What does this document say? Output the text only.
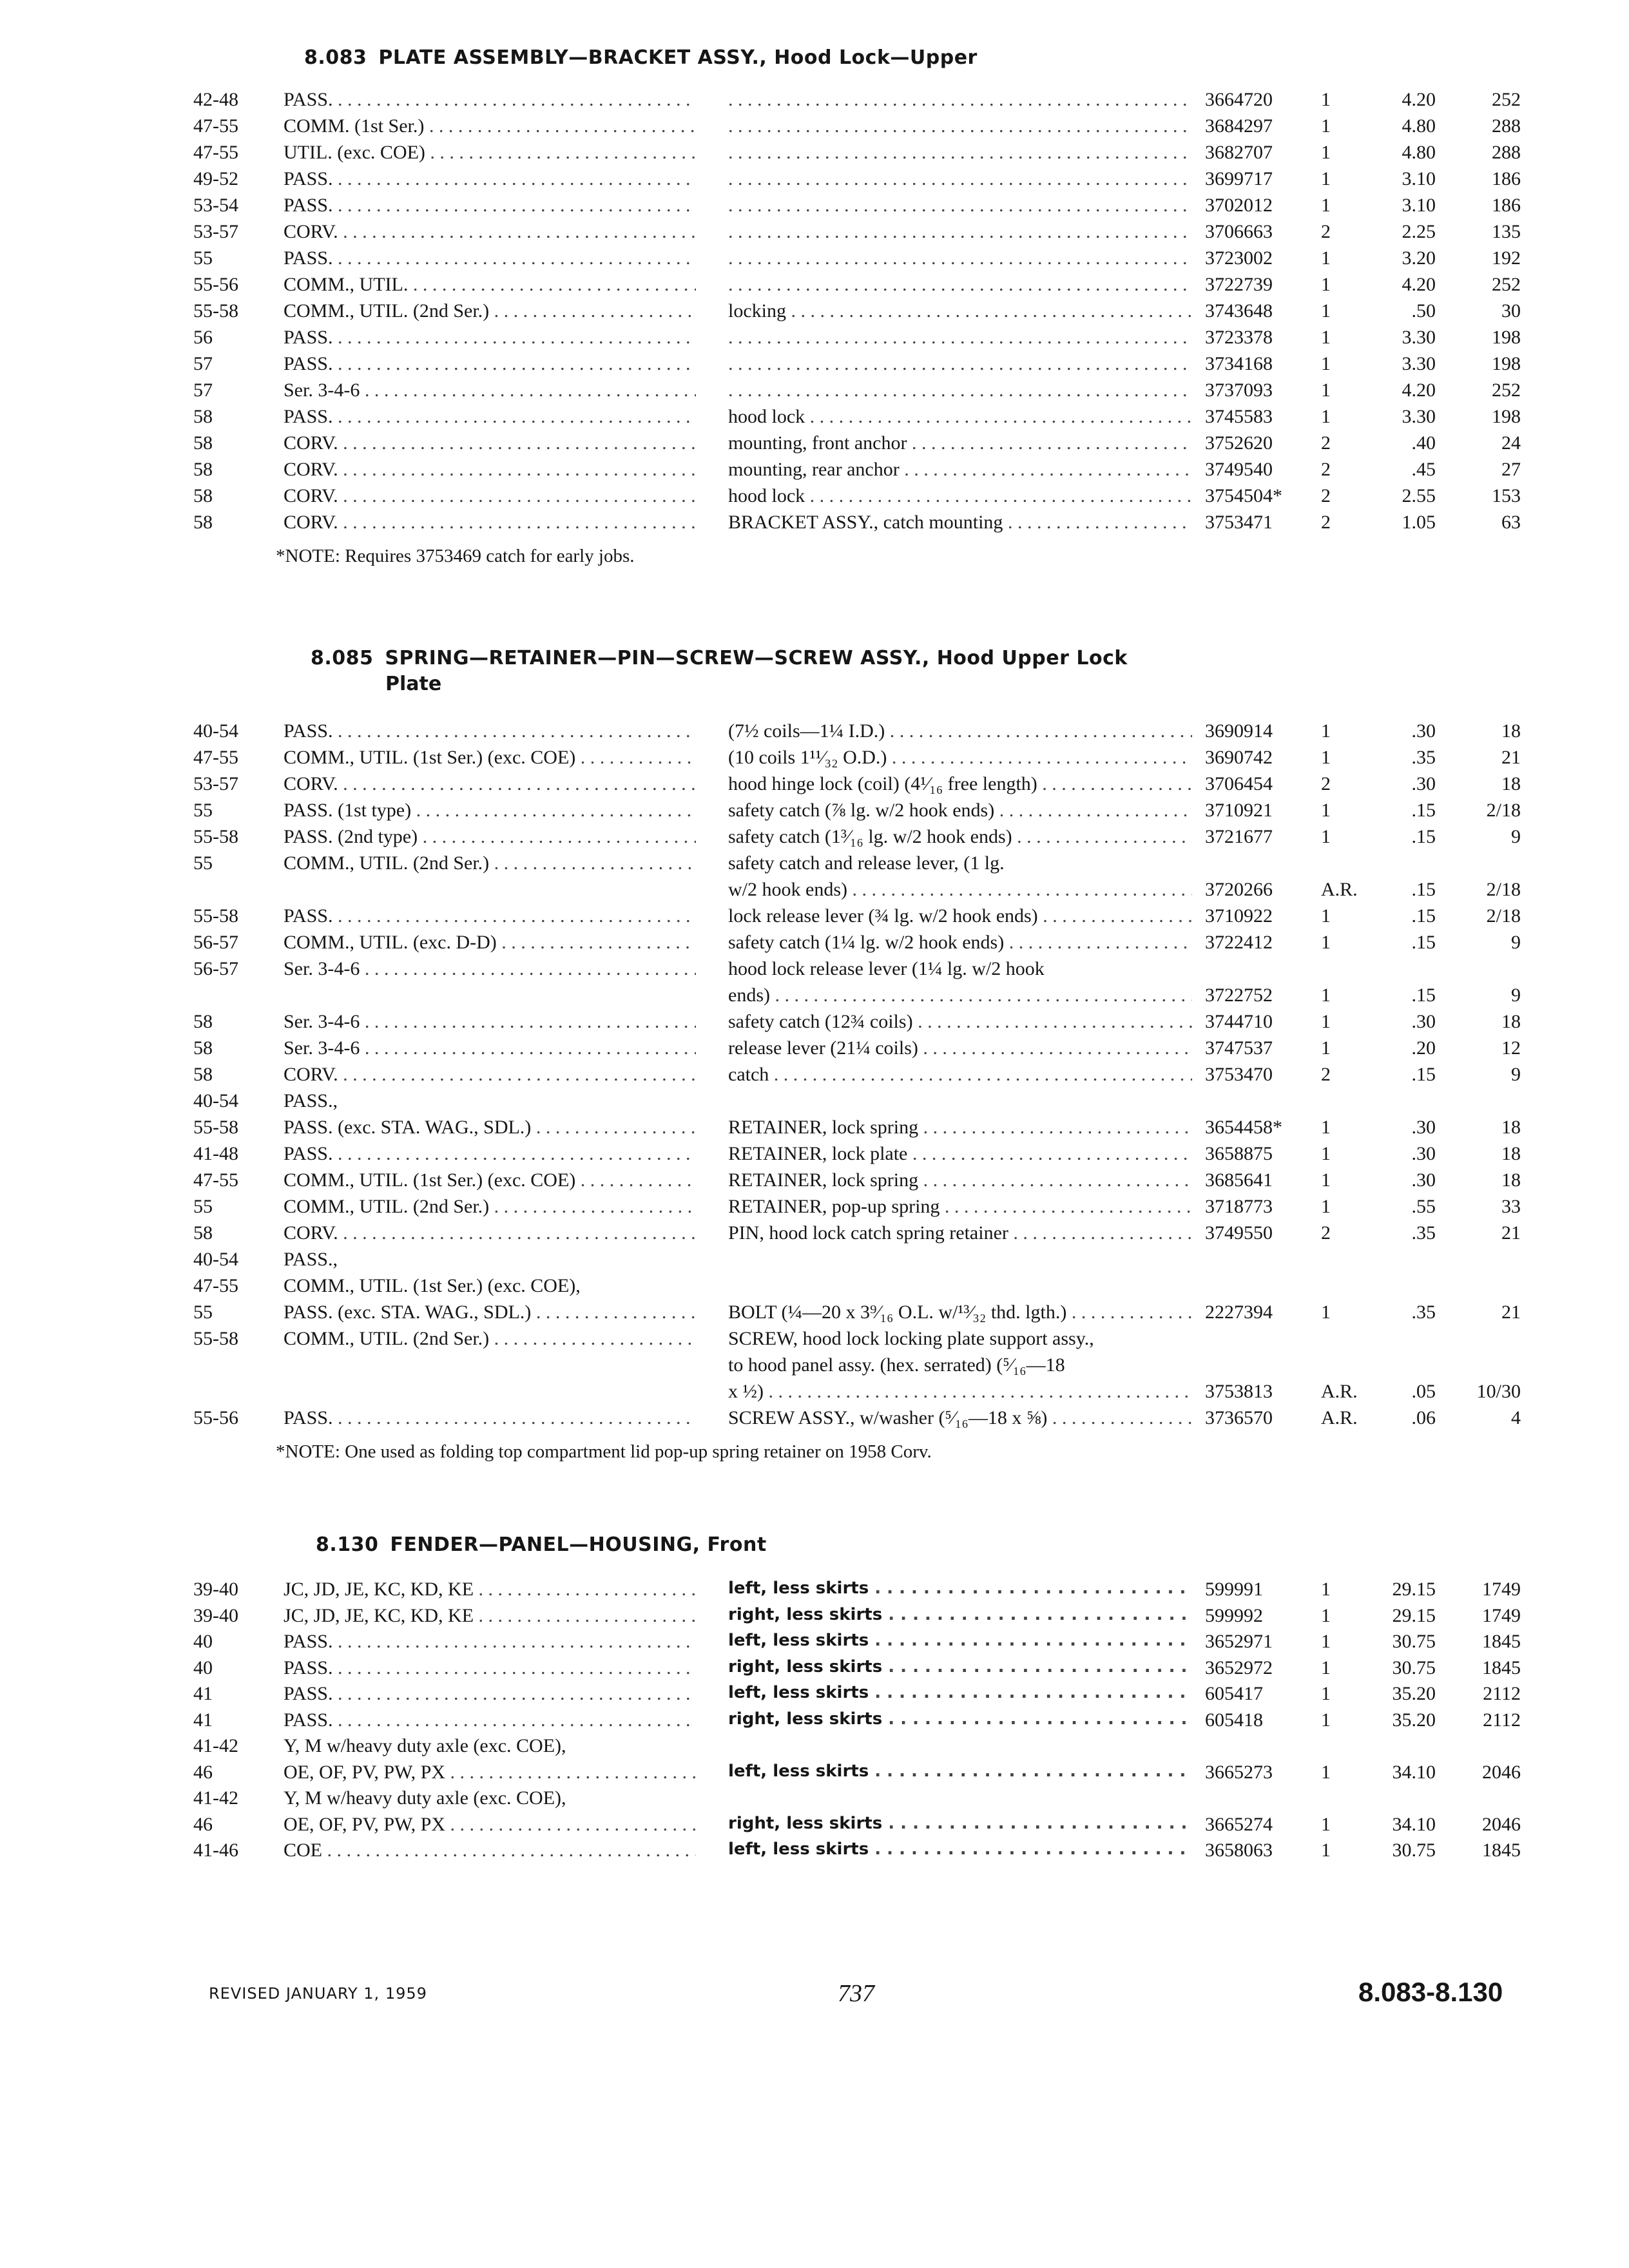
8.083 PLATE ASSEMBLY—BRACKET ASSY., Hood Lock—Upper
42-48	PASS. . . . . . .	3664720	1	4.20	252
47-55	COMM. (1st Ser.) . . . . . .	3684297	1	4.80	288
47-55	UTIL. (exc. COE) . . . . . .	3682707	1	4.80	288
49-52	PASS. . . . . . .	3699717	1	3.10	186
53-54	PASS. . . . . . .	3702012	1	3.10	186
53-57	CORV. . . . . . .	3706663	2	2.25	135
55	PASS. . . . . . .	3723002	1	3.20	192
55-56	COMM., UTIL. . . . . . .	3722739	1	4.20	252
55-58	COMM., UTIL. (2nd Ser.) . . .	locking . . .	3743648	1	.50	30
56	PASS. . . . . . .	3723378	1	3.30	198
57	PASS. . . . . . .	3734168	1	3.30	198
57	Ser. 3-4-6 . . . . . .	3737093	1	4.20	252
58	PASS. . . .	hood lock . . .	3745583	1	3.30	198
58	CORV. . . .	mounting, front anchor . . .	3752620	2	.40	24
58	CORV. . . .	mounting, rear anchor . . .	3749540	2	.45	27
58	CORV. . . .	hood lock . . .	3754504* 2	2.55	153
58	CORV. . . .	BRACKET ASSY., catch mounting . . .	3753471	2	1.05	63
*NOTE: Requires 3753469 catch for early jobs.
8.085 SPRING—RETAINER—PIN—SCREW—SCREW ASSY., Hood Upper Lock
Plate
40-54	PASS. . . .	(7½ coils—1¼ I.D.) . . .	3690914	1	.30	18
47-55	COMM., UTIL. (1st Ser.) (exc. COE) . . .	(10 coils 1¹¹⁄₃₂ O.D.) . . .	3690742	1	.35	21
53-57	CORV. . . .	hood hinge lock (coil) (4¹⁄₁₆ free length) . . .	3706454	2	.30	18
55	PASS. (1st type) . . .	safety catch (⅞ lg. w/2 hook ends) . . .	3710921	1	.15	2/18
55-58	PASS. (2nd type) . . .	safety catch (1³⁄₁₆ lg. w/2 hook ends) . . .	3721677	1	.15	9
55	COMM., UTIL. (2nd Ser.) . . .	safety catch and release lever, (1 lg.
w/2 hook ends) . . .	3720266	A.R.	.15	2/18
55-58	PASS. . . .	lock release lever (¾ lg. w/2 hook ends) . . .	3710922	1	.15	2/18
56-57	COMM., UTIL. (exc. D-D) . . .	safety catch (1¼ lg. w/2 hook ends) . . .	3722412	1	.15	9
56-57	Ser. 3-4-6 . . .	hood lock release lever (1¼ lg. w/2 hook
ends) . . .	3722752	1	.15	9
58	Ser. 3-4-6 . . .	safety catch (12¾ coils) . . .	3744710	1	.30	18
58	Ser. 3-4-6 . . .	release lever (21¼ coils) . . .	3747537	1	.20	12
58	CORV. . . .	catch . . .	3753470	2	.15	9
40-54	PASS.,
55-58	PASS. (exc. STA. WAG., SDL.) . . .	RETAINER, lock spring . . .	3654458* 1	.30	18
41-48	PASS. . . .	RETAINER, lock plate . . .	3658875	1	.30	18
47-55	COMM., UTIL. (1st Ser.) (exc. COE) . . .	RETAINER, lock spring . . .	3685641	1	.30	18
55	COMM., UTIL. (2nd Ser.) . . .	RETAINER, pop-up spring . . .	3718773	1	.55	33
58	CORV. . . .	PIN, hood lock catch spring retainer . . .	3749550	2	.35	21
40-54	PASS.,
47-55	COMM., UTIL. (1st Ser.) (exc. COE),
55	PASS. (exc. STA. WAG., SDL.) . . .	BOLT (¼—20 x 3⁹⁄₁₆ O.L. w/¹³⁄₃₂ thd. lgth.) . . .	2227394	1	.35	21
55-58	COMM., UTIL. (2nd Ser.) . . .	SCREW, hood lock locking plate support assy.,
to hood panel assy. (hex. serrated) (⁵⁄₁₆—18
x ½) . . .	3753813	A.R.	.05 10/30
55-56	PASS. . . .	SCREW ASSY., w/washer (⁵⁄₁₆—18 x ⅝) . . .	3736570	A.R.	.06	4
*NOTE: One used as folding top compartment lid pop-up spring retainer on 1958 Corv.
8.130 FENDER—PANEL—HOUSING, Front
39-40	JC, JD, JE, KC, KD, KE . . .	left, less skirts . . .	599991	1	29.15 1749
39-40	JC, JD, JE, KC, KD, KE . . .	right, less skirts . . .	599992	1	29.15 1749
40	PASS. . . .	left, less skirts . . .	3652971	1	30.75 1845
40	PASS. . . .	right, less skirts . . .	3652972	1	30.75 1845
41	PASS. . . .	left, less skirts . . .	605417	1	35.20 2112
41	PASS. . . .	right, less skirts . . .	605418	1	35.20 2112
41-42	Y, M w/heavy duty axle (exc. COE),
46	OE, OF, PV, PW, PX . . .	left, less skirts . . .	3665273	1	34.10 2046
41-42	Y, M w/heavy duty axle (exc. COE),
46	OE, OF, PV, PW, PX . . .	right, less skirts . . .	3665274	1	34.10 2046
41-46	COE . . .	left, less skirts . . .	3658063	1	30.75 1845
REVISED JANUARY 1, 1959	737	8.083-8.130
